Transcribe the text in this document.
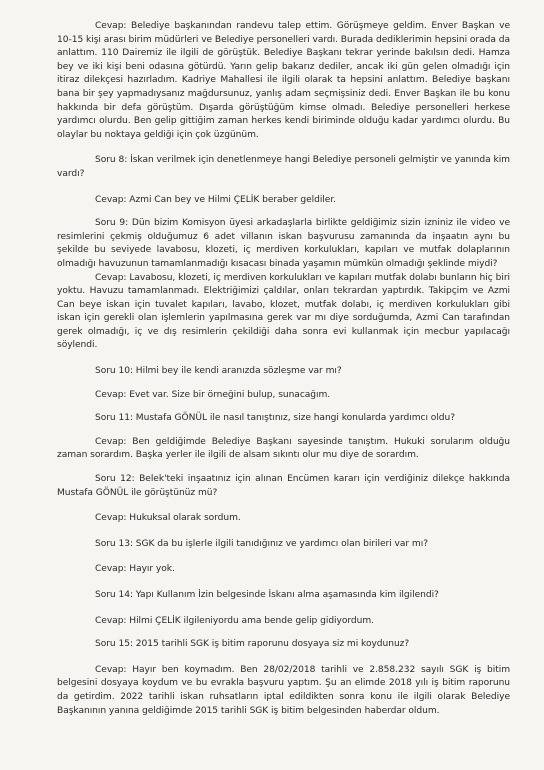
Cevap: Belediye başkanından randevu talep ettim. Görüşmeye geldim. Enver Başkan ve 10-15 kişi arası birim müdürleri ve Belediye personelleri vardı. Burada dediklerimin hepsini orada da anlattım. 110 Dairemiz ile ilgili de görüştük. Belediye Başkanı tekrar yerinde bakılsın dedi. Hamza bey ve iki kişi beni odasına götürdü. Yarın gelip bakarız dediler, ancak iki gün gelen olmadığı için itiraz dilekçesi hazırladım. Kadriye Mahallesi ile ilgili olarak ta hepsini anlattım. Belediye başkanı bana bir şey yapmadıysanız mağdursunuz, yanlış adam seçmişsiniz dedi. Enver Başkan ile bu konu hakkında bir defa görüştüm. Dışarda görüştüğüm kimse olmadı. Belediye personelleri herkese yardımcı olurdu. Ben gelip gittiğim zaman herkes kendi biriminde olduğu kadar yardımcı olurdu. Bu olaylar bu noktaya geldiği için çok üzgünüm.

Soru 8: İskan verilmek için denetlenmeye hangi Belediye personeli gelmiştir ve yanında kim vardı?

Cevap: Azmi Can bey ve Hilmi ÇELİK beraber geldiler.

Soru 9: Dün bizim Komisyon üyesi arkadaşlarla birlikte geldiğimiz sizin izniniz ile video ve resimlerini çekmiş olduğumuz 6 adet villanın iskan başvurusu zamanında da inşaatın aynı bu şekilde bu seviyede lavabosu, klozeti, iç merdiven korkulukları, kapıları ve mutfak dolaplarının olmadığı havuzunun tamamlanmadığı kısacası binada yaşamın mümkün olmadığı şeklinde miydi?

Cevap: Lavabosu, klozeti, iç merdiven korkulukları ve kapıları mutfak dolabı bunların hiç biri yoktu. Havuzu tamamlanmadı. Elektriğimizi çaldılar, onları tekrardan yaptırdık. Takipçim ve Azmi Can beye iskan için tuvalet kapıları, lavabo, klozet, mutfak dolabı, iç merdiven korkulukları gibi iskan için gerekli olan işlemlerin yapılmasına gerek var mı diye sorduğumda, Azmi Can tarafından gerek olmadığı, iç ve dış resimlerin çekildiği daha sonra evi kullanmak için mecbur yapılacağı söylendi.

Soru 10: Hilmi bey ile kendi aranızda sözleşme var mı?

Cevap: Evet var. Size bir örneğini bulup, sunacağım.

Soru 11: Mustafa GÖNÜL ile nasıl tanıştınız, size hangi konularda yardımcı oldu?

Cevap: Ben geldiğimde Belediye Başkanı sayesinde tanıştım. Hukuki sorularım olduğu zaman sorardım. Başka yerler ile ilgili de alsam sıkıntı olur mu diye de sorardım.

Soru 12: Belek'teki inşaatınız için alınan Encümen kararı için verdiğiniz dilekçe hakkında Mustafa GÖNÜL ile görüştünüz mü?

Cevap: Hukuksal olarak sordum.

Soru 13: SGK da bu işlerle ilgili tanıdığınız ve yardımcı olan birileri var mı?

Cevap: Hayır yok.

Soru 14: Yapı Kullanım İzin belgesinde İskanı alma aşamasında kim ilgilendi?

Cevap: Hilmi ÇELİK ilgileniyordu ama bende gelip gidiyordum.

Soru 15: 2015 tarihli SGK iş bitim raporunu dosyaya siz mi koydunuz?

Cevap: Hayır ben koymadım. Ben 28/02/2018 tarihli ve 2.858.232 sayılı SGK iş bitim belgesini dosyaya koydum ve bu evrakla başvuru yaptım. Şu an elimde 2018 yılı iş bitim raporunu da getirdim. 2022 tarihli iskan ruhsatların iptal edildikten sonra konu ile ilgili olarak Belediye Başkanının yanına geldiğimde 2015 tarihli SGK iş bitim belgesinden haberdar oldum.
